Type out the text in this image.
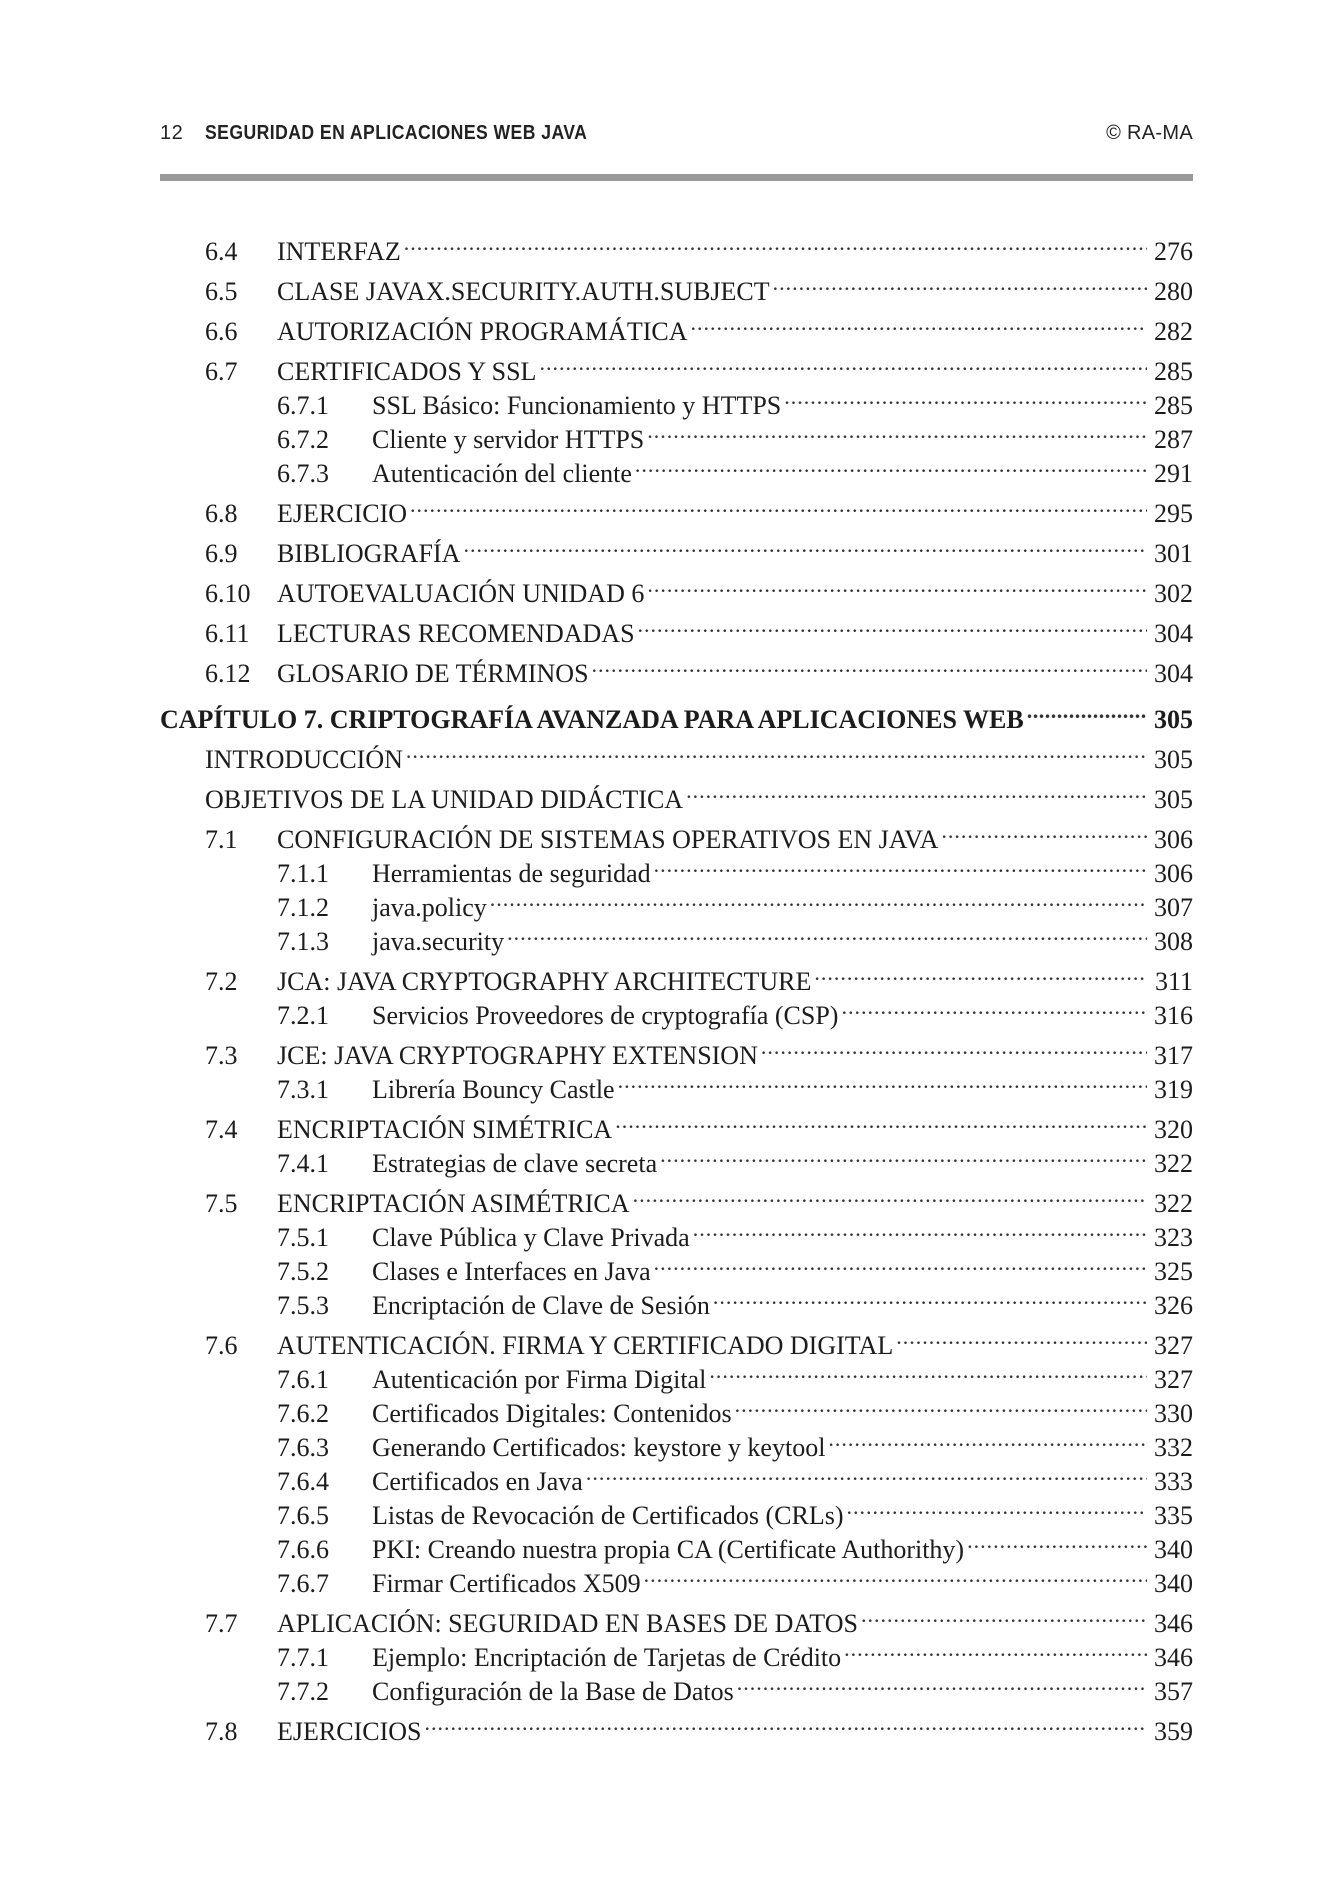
12 SEGURIDAD EN APLICACIONES WEB JAVA	© RA-MA
6.4	INTERFAZ .....	276
6.5	CLASE JAVAX.SECURITY.AUTH.SUBJECT .....	280
6.6	AUTORIZACIÓN PROGRAMÁTICA .....	282
6.7	CERTIFICADOS Y SSL .....	285
6.7.1	SSL Básico: Funcionamiento y HTTPS .....	285
6.7.2	Cliente y servidor HTTPS .....	287
6.7.3	Autenticación del cliente .....	291
6.8	EJERCICIO .....	295
6.9	BIBLIOGRAFÍA .....	301
6.10	AUTOEVALUACIÓN UNIDAD 6 .....	302
6.11	LECTURAS RECOMENDADAS .....	304
6.12	GLOSARIO DE TÉRMINOS .....	304
CAPÍTULO 7. CRIPTOGRAFÍA AVANZADA PARA APLICACIONES WEB .....	305
INTRODUCCIÓN .....	305
OBJETIVOS DE LA UNIDAD DIDÁCTICA .....	305
7.1	CONFIGURACIÓN DE SISTEMAS OPERATIVOS EN JAVA .....	306
7.1.1	Herramientas de seguridad .....	306
7.1.2	java.policy .....	307
7.1.3	java.security .....	308
7.2	JCA: JAVA CRYPTOGRAPHY ARCHITECTURE .....	311
7.2.1	Servicios Proveedores de cryptografía (CSP) .....	316
7.3	JCE: JAVA CRYPTOGRAPHY EXTENSION .....	317
7.3.1	Librería Bouncy Castle .....	319
7.4	ENCRIPTACIÓN SIMÉTRICA .....	320
7.4.1	Estrategias de clave secreta .....	322
7.5	ENCRIPTACIÓN ASIMÉTRICA .....	322
7.5.1	Clave Pública y Clave Privada .....	323
7.5.2	Clases e Interfaces en Java .....	325
7.5.3	Encriptación de Clave de Sesión .....	326
7.6	AUTENTICACIÓN. FIRMA Y CERTIFICADO DIGITAL .....	327
7.6.1	Autenticación por Firma Digital .....	327
7.6.2	Certificados Digitales: Contenidos .....	330
7.6.3	Generando Certificados: keystore y keytool .....	332
7.6.4	Certificados en Java .....	333
7.6.5	Listas de Revocación de Certificados (CRLs) .....	335
7.6.6	PKI: Creando nuestra propia CA (Certificate Authorithy) .....	340
7.6.7	Firmar Certificados X509 .....	340
7.7	APLICACIÓN: SEGURIDAD EN BASES DE DATOS .....	346
7.7.1	Ejemplo: Encriptación de Tarjetas de Crédito .....	346
7.7.2	Configuración de la Base de Datos .....	357
7.8	EJERCICIOS .....	359
